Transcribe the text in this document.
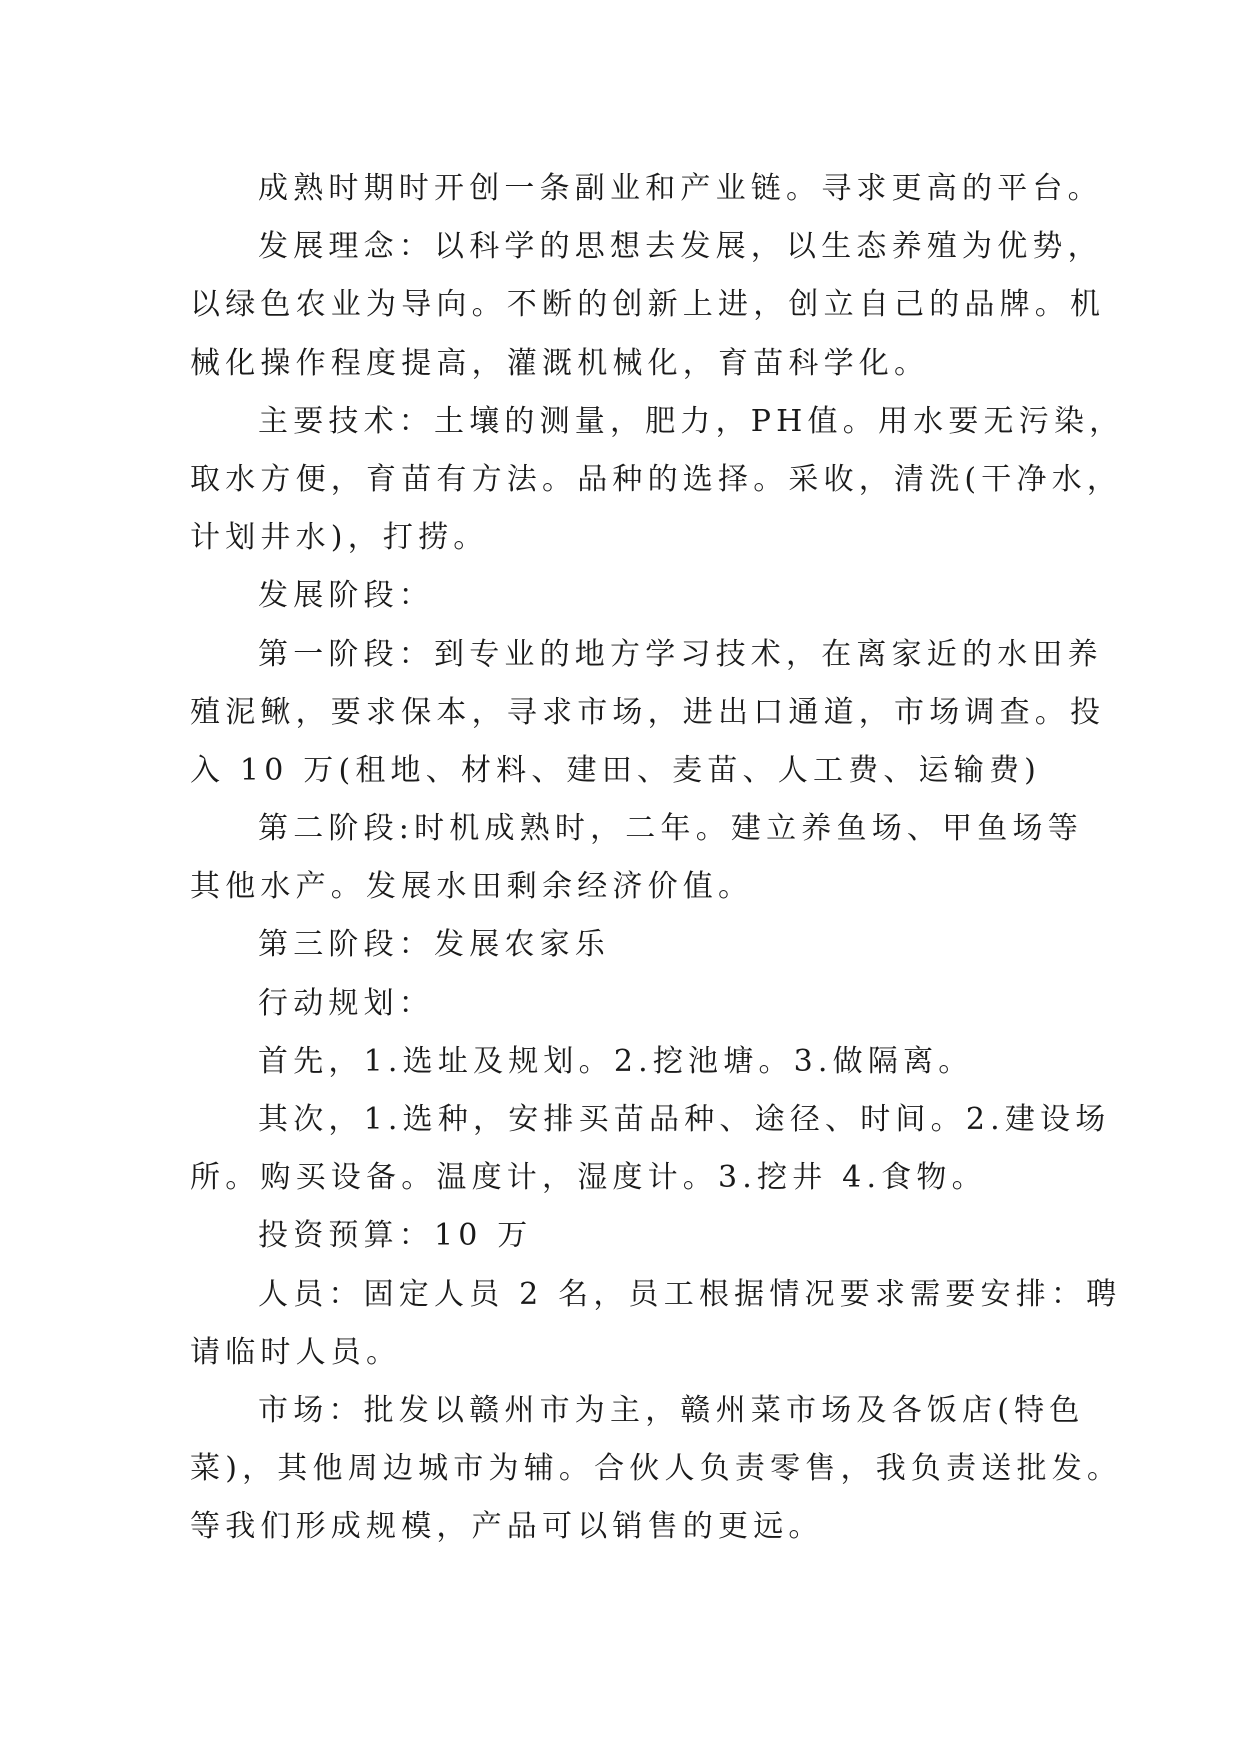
成熟时期时开创一条副业和产业链。寻求更高的平台。
发展理念：以科学的思想去发展，以生态养殖为优势，
以绿色农业为导向。不断的创新上进，创立自己的品牌。机
械化操作程度提高，灌溉机械化，育苗科学化。
主要技术：土壤的测量，肥力，PH值。用水要无污染，
取水方便，育苗有方法。品种的选择。采收，清洗(干净水，
计划井水)，打捞。
发展阶段：
第一阶段：到专业的地方学习技术，在离家近的水田养
殖泥鳅，要求保本，寻求市场，进出口通道，市场调查。投
入 10 万(租地、材料、建田、麦苗、人工费、运输费)
第二阶段:时机成熟时，二年。建立养鱼场、甲鱼场等
其他水产。发展水田剩余经济价值。
第三阶段：发展农家乐
行动规划：
首先，1.选址及规划。2.挖池塘。3.做隔离。
其次，1.选种，安排买苗品种、途径、时间。2.建设场
所。购买设备。温度计，湿度计。3.挖井 4.食物。
投资预算：10 万
人员：固定人员 2 名，员工根据情况要求需要安排：聘
请临时人员。
市场：批发以赣州市为主，赣州菜市场及各饭店(特色
菜)，其他周边城市为辅。合伙人负责零售，我负责送批发。
等我们形成规模，产品可以销售的更远。
